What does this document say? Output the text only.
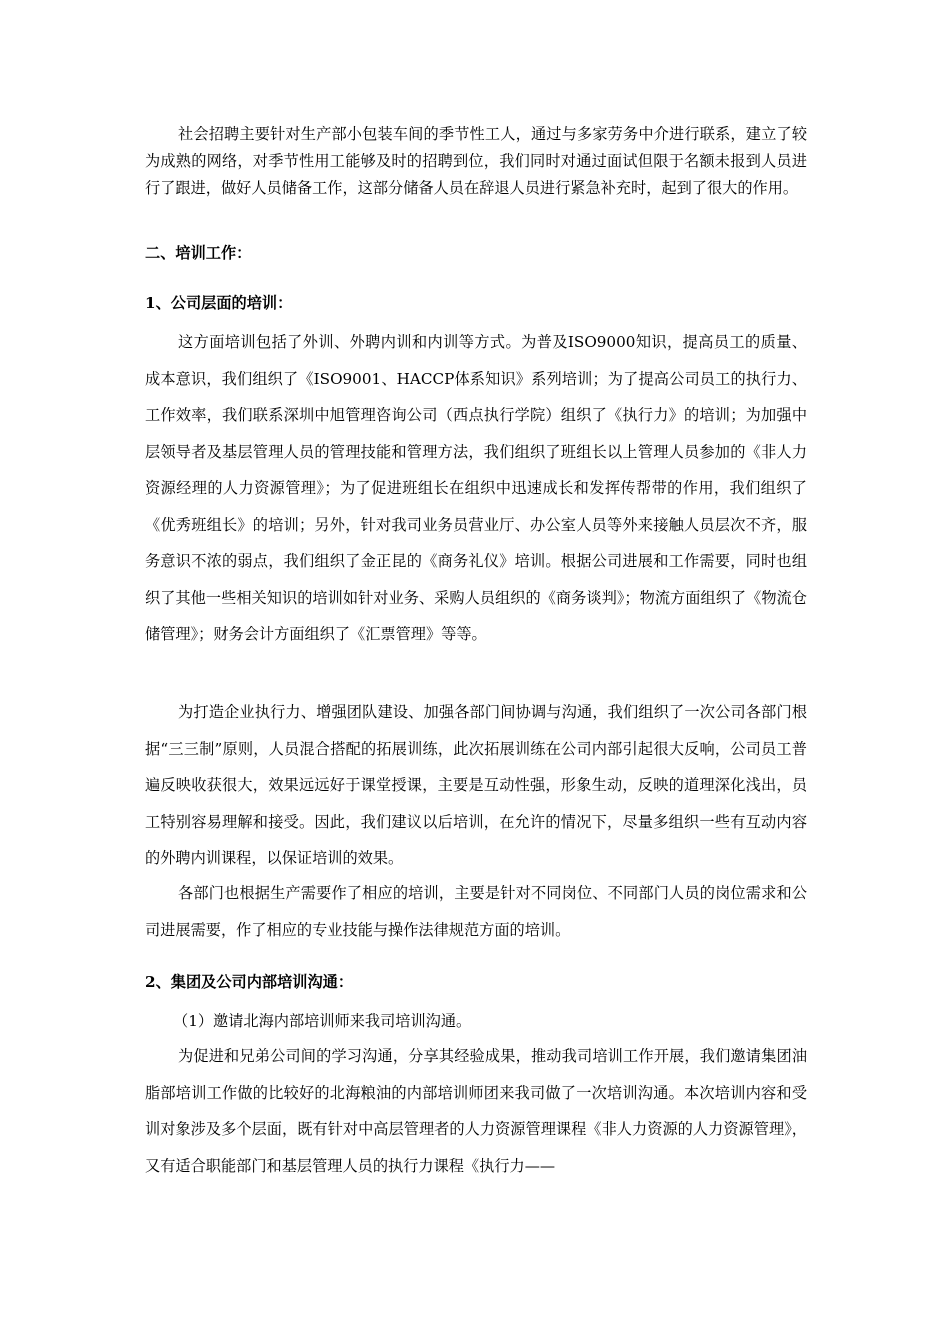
社会招聘主要针对生产部小包装车间的季节性工人，通过与多家劳务中介进行联系，建立了较为成熟的网络，对季节性用工能够及时的招聘到位，我们同时对通过面试但限于名额未报到人员进行了跟进，做好人员储备工作，这部分储备人员在辞退人员进行紧急补充时，起到了很大的作用。
二、培训工作：
1、公司层面的培训：
这方面培训包括了外训、外聘内训和内训等方式。为普及ISO9000知识，提高员工的质量、成本意识，我们组织了《ISO9001、HACCP体系知识》系列培训；为了提高公司员工的执行力、工作效率，我们联系深圳中旭管理咨询公司（西点执行学院）组织了《执行力》的培训；为加强中层领导者及基层管理人员的管理技能和管理方法，我们组织了班组长以上管理人员参加的《非人力资源经理的人力资源管理》；为了促进班组长在组织中迅速成长和发挥传帮带的作用，我们组织了《优秀班组长》的培训；另外，针对我司业务员营业厅、办公室人员等外来接触人员层次不齐，服务意识不浓的弱点，我们组织了金正昆的《商务礼仪》培训。根据公司进展和工作需要，同时也组织了其他一些相关知识的培训如针对业务、采购人员组织的《商务谈判》；物流方面组织了《物流仓储管理》；财务会计方面组织了《汇票管理》等等。
为打造企业执行力、增强团队建设、加强各部门间协调与沟通，我们组织了一次公司各部门根据“三三制”原则，人员混合搭配的拓展训练，此次拓展训练在公司内部引起很大反响，公司员工普遍反映收获很大，效果远远好于课堂授课，主要是互动性强，形象生动，反映的道理深化浅出，员工特别容易理解和接受。因此，我们建议以后培训，在允许的情况下，尽量多组织一些有互动内容的外聘内训课程，以保证培训的效果。
各部门也根据生产需要作了相应的培训，主要是针对不同岗位、不同部门人员的岗位需求和公司进展需要，作了相应的专业技能与操作法律规范方面的培训。
2、集团及公司内部培训沟通：
（1）邀请北海内部培训师来我司培训沟通。
为促进和兄弟公司间的学习沟通，分享其经验成果，推动我司培训工作开展，我们邀请集团油脂部培训工作做的比较好的北海粮油的内部培训师团来我司做了一次培训沟通。本次培训内容和受训对象涉及多个层面，既有针对中高层管理者的人力资源管理课程《非人力资源的人力资源管理》，又有适合职能部门和基层管理人员的执行力课程《执行力——
